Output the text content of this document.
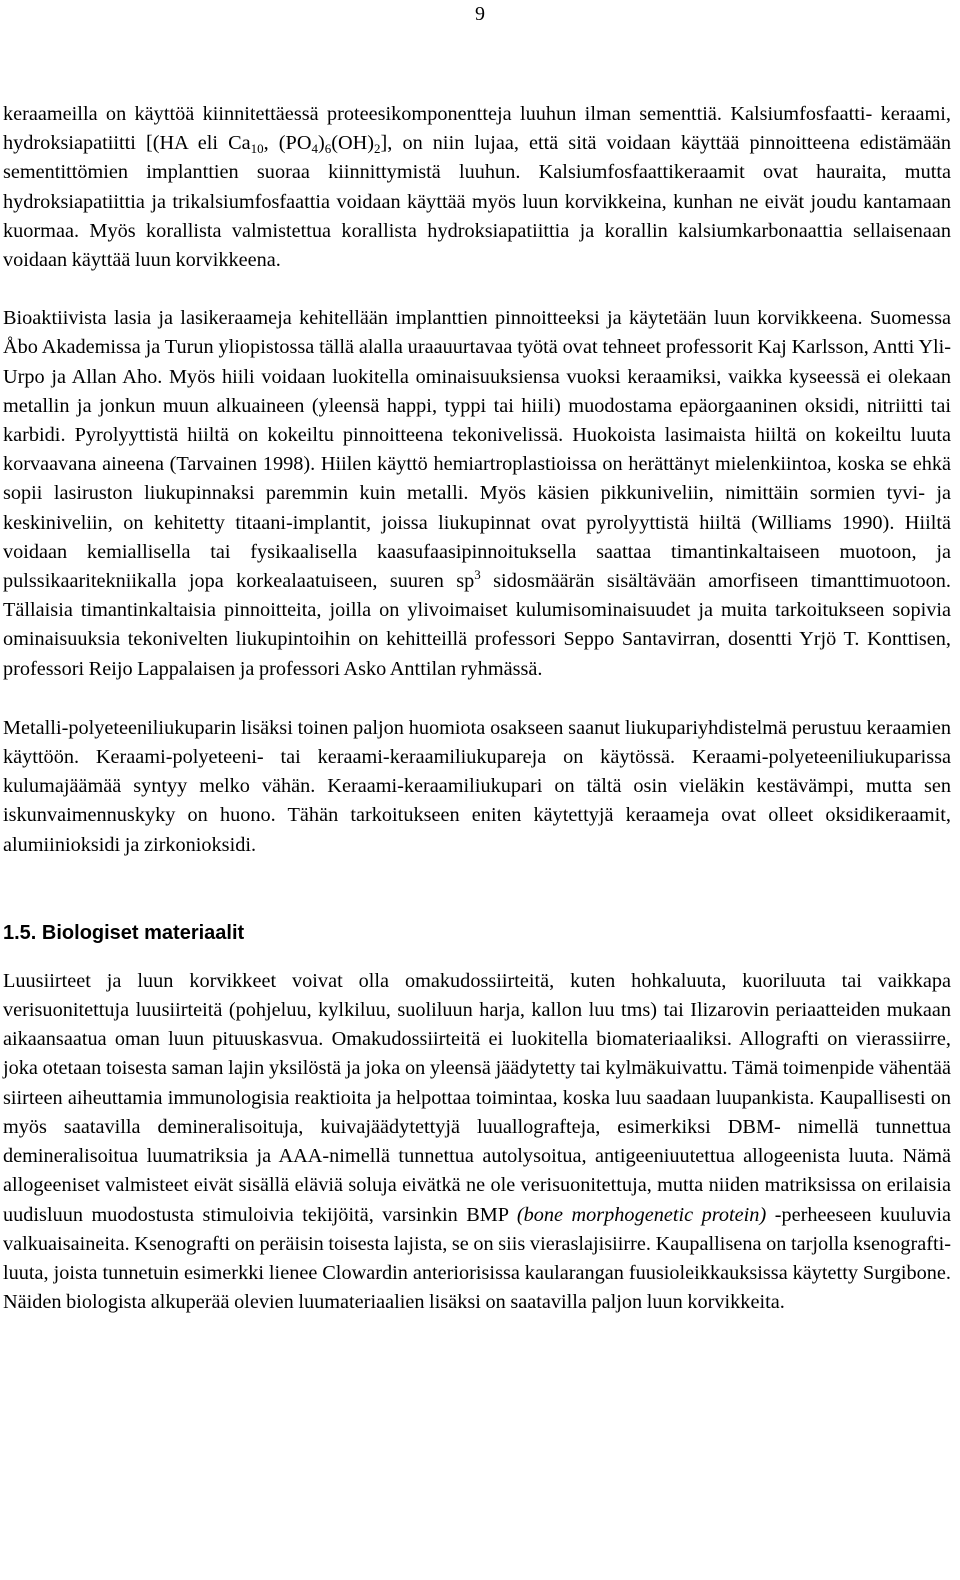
9

keraameilla on käyttöä kiinnitettäessä proteesikomponentteja luuhun ilman sementtiä. Kalsiumfosfaatti- keraami, hydroksiapatiitti [(HA eli $Ca_{10}$, $(PO_4)_6(OH)_2$], on niin lujaa, että sitä voidaan käyttää pinnoitteena edistämään sementittömien implanttien suoraa kiinnittymistä luuhun. Kalsiumfosfaattikeraamit ovat hauraita, mutta hydroksiapatiittia ja trikalsiumfosfaattia voidaan käyttää myös luun korvikkeina, kunhan ne eivät joudu kantamaan kuormaa. Myös korallista valmistettua korallista hydroksiapatiittia ja korallin kalsiumkarbonaattia sellaisenaan voidaan käyttää luun korvikkeena.

Bioaktiivista lasia ja lasikeraameja kehitellään implanttien pinnoitteeksi ja käytetään luun korvikkeena. Suomessa Åbo Akademissa ja Turun yliopistossa tällä alalla uraauurtavaa työtä ovat tehneet professorit Kaj Karlsson, Antti Yli-Urpo ja Allan Aho. Myös hiili voidaan luokitella ominaisuuksiensa vuoksi keraamiksi, vaikka kyseessä ei olekaan metallin ja jonkun muun alkuaineen (yleensä happi, typpi tai hiili) muodostama epäorgaaninen oksidi, nitriitti tai karbidi. Pyrolyyttistä hiiltä on kokeiltu pinnoitteena tekonivelissä. Huokoista lasimaista hiiltä on kokeiltu luuta korvaavana aineena (Tarvainen 1998). Hiilen käyttö hemiartroplastioissa on herättänyt mielenkiintoa, koska se ehkä sopii lasiruston liukupinnaksi paremmin kuin metalli. Myös käsien pikkuniveliin, nimittäin sormien tyvi- ja keskiniveliin, on kehitetty titaani-implantit, joissa liukupinnat ovat pyrolyyttistä hiiltä (Williams 1990). Hiiltä voidaan kemiallisella tai fysikaalisella kaasufaasipinnoituksella saattaa timantinkaltaiseen muotoon, ja pulssikaaritekniikalla jopa korkealaatuiseen, suuren $sp^3$ sidosmäärän sisältävään amorfiseen timanttimuotoon. Tällaisia timantinkaltaisia pinnoitteita, joilla on ylivoimaiset kulumisominaisuudet ja muita tarkoitukseen sopivia ominaisuuksia tekonivelten liukupintoihin on kehitteillä professori Seppo Santavirran, dosentti Yrjö T. Konttisen, professori Reijo Lappalaisen ja professori Asko Anttilan ryhmässä.

Metalli-polyeteeniliukuparin lisäksi toinen paljon huomiota osakseen saanut liukupariyhdistelmä perustuu keraamien käyttöön. Keraami-polyeteeni- tai keraami-keraamiliukupareja on käytössä. Keraami-polyeteeniliukuparissa kulumajäämää syntyy melko vähän. Keraami-keraamiliukupari on tältä osin vieläkin kestävämpi, mutta sen iskunvaimennuskyky on huono. Tähän tarkoitukseen eniten käytettyjä keraameja ovat olleet oksidikeraamit, alumiinioksidi ja zirkonioksidi.

1.5. Biologiset materiaalit

Luusiirteet ja luun korvikkeet voivat olla omakudossiirteitä, kuten hohkaluuta, kuoriluuta tai vaikkapa verisuonitettuja luusiirteitä (pohjeluu, kylkiluu, suoliluun harja, kallon luu tms) tai Ilizarovin periaatteiden mukaan aikaansaatua oman luun pituuskasvua. Omakudossiirteitä ei luokitella biomateriaaliksi. Allografti on vierassiirre, joka otetaan toisesta saman lajin yksilöstä ja joka on yleensä jäädytetty tai kylmäkuivattu. Tämä toimenpide vähentää siirteen aiheuttamia immunologisia reaktioita ja helpottaa toimintaa, koska luu saadaan luupankista. Kaupallisesti on myös saatavilla demineralisoituja, kuivajäädytettyjä luuallografteja, esimerkiksi DBM- nimellä tunnettua demineralisoitua luumatriksia ja AAA-nimellä tunnettua autolysoitua, antigeeniuutettua allogeenista luuta. Nämä allogeeniset valmisteet eivät sisällä eläviä soluja eivätkä ne ole verisuonitettuja, mutta niiden matriksissa on erilaisia uudisluun muodostusta stimuloivia tekijöitä, varsinkin BMP (bone morphogenetic protein) -perheeseen kuuluvia valkuaisaineita. Ksenografti on peräisin toisesta lajista, se on siis vieraslajisiirre. Kaupallisena on tarjolla ksenografti-luuta, joista tunnetuin esimerkki lienee Clowardin anteriorisissa kaularangan fuusioleikkauksissa käytetty Surgibone. Näiden biologista alkuperää olevien luumateriaalien lisäksi on saatavilla paljon luun korvikkeita.
